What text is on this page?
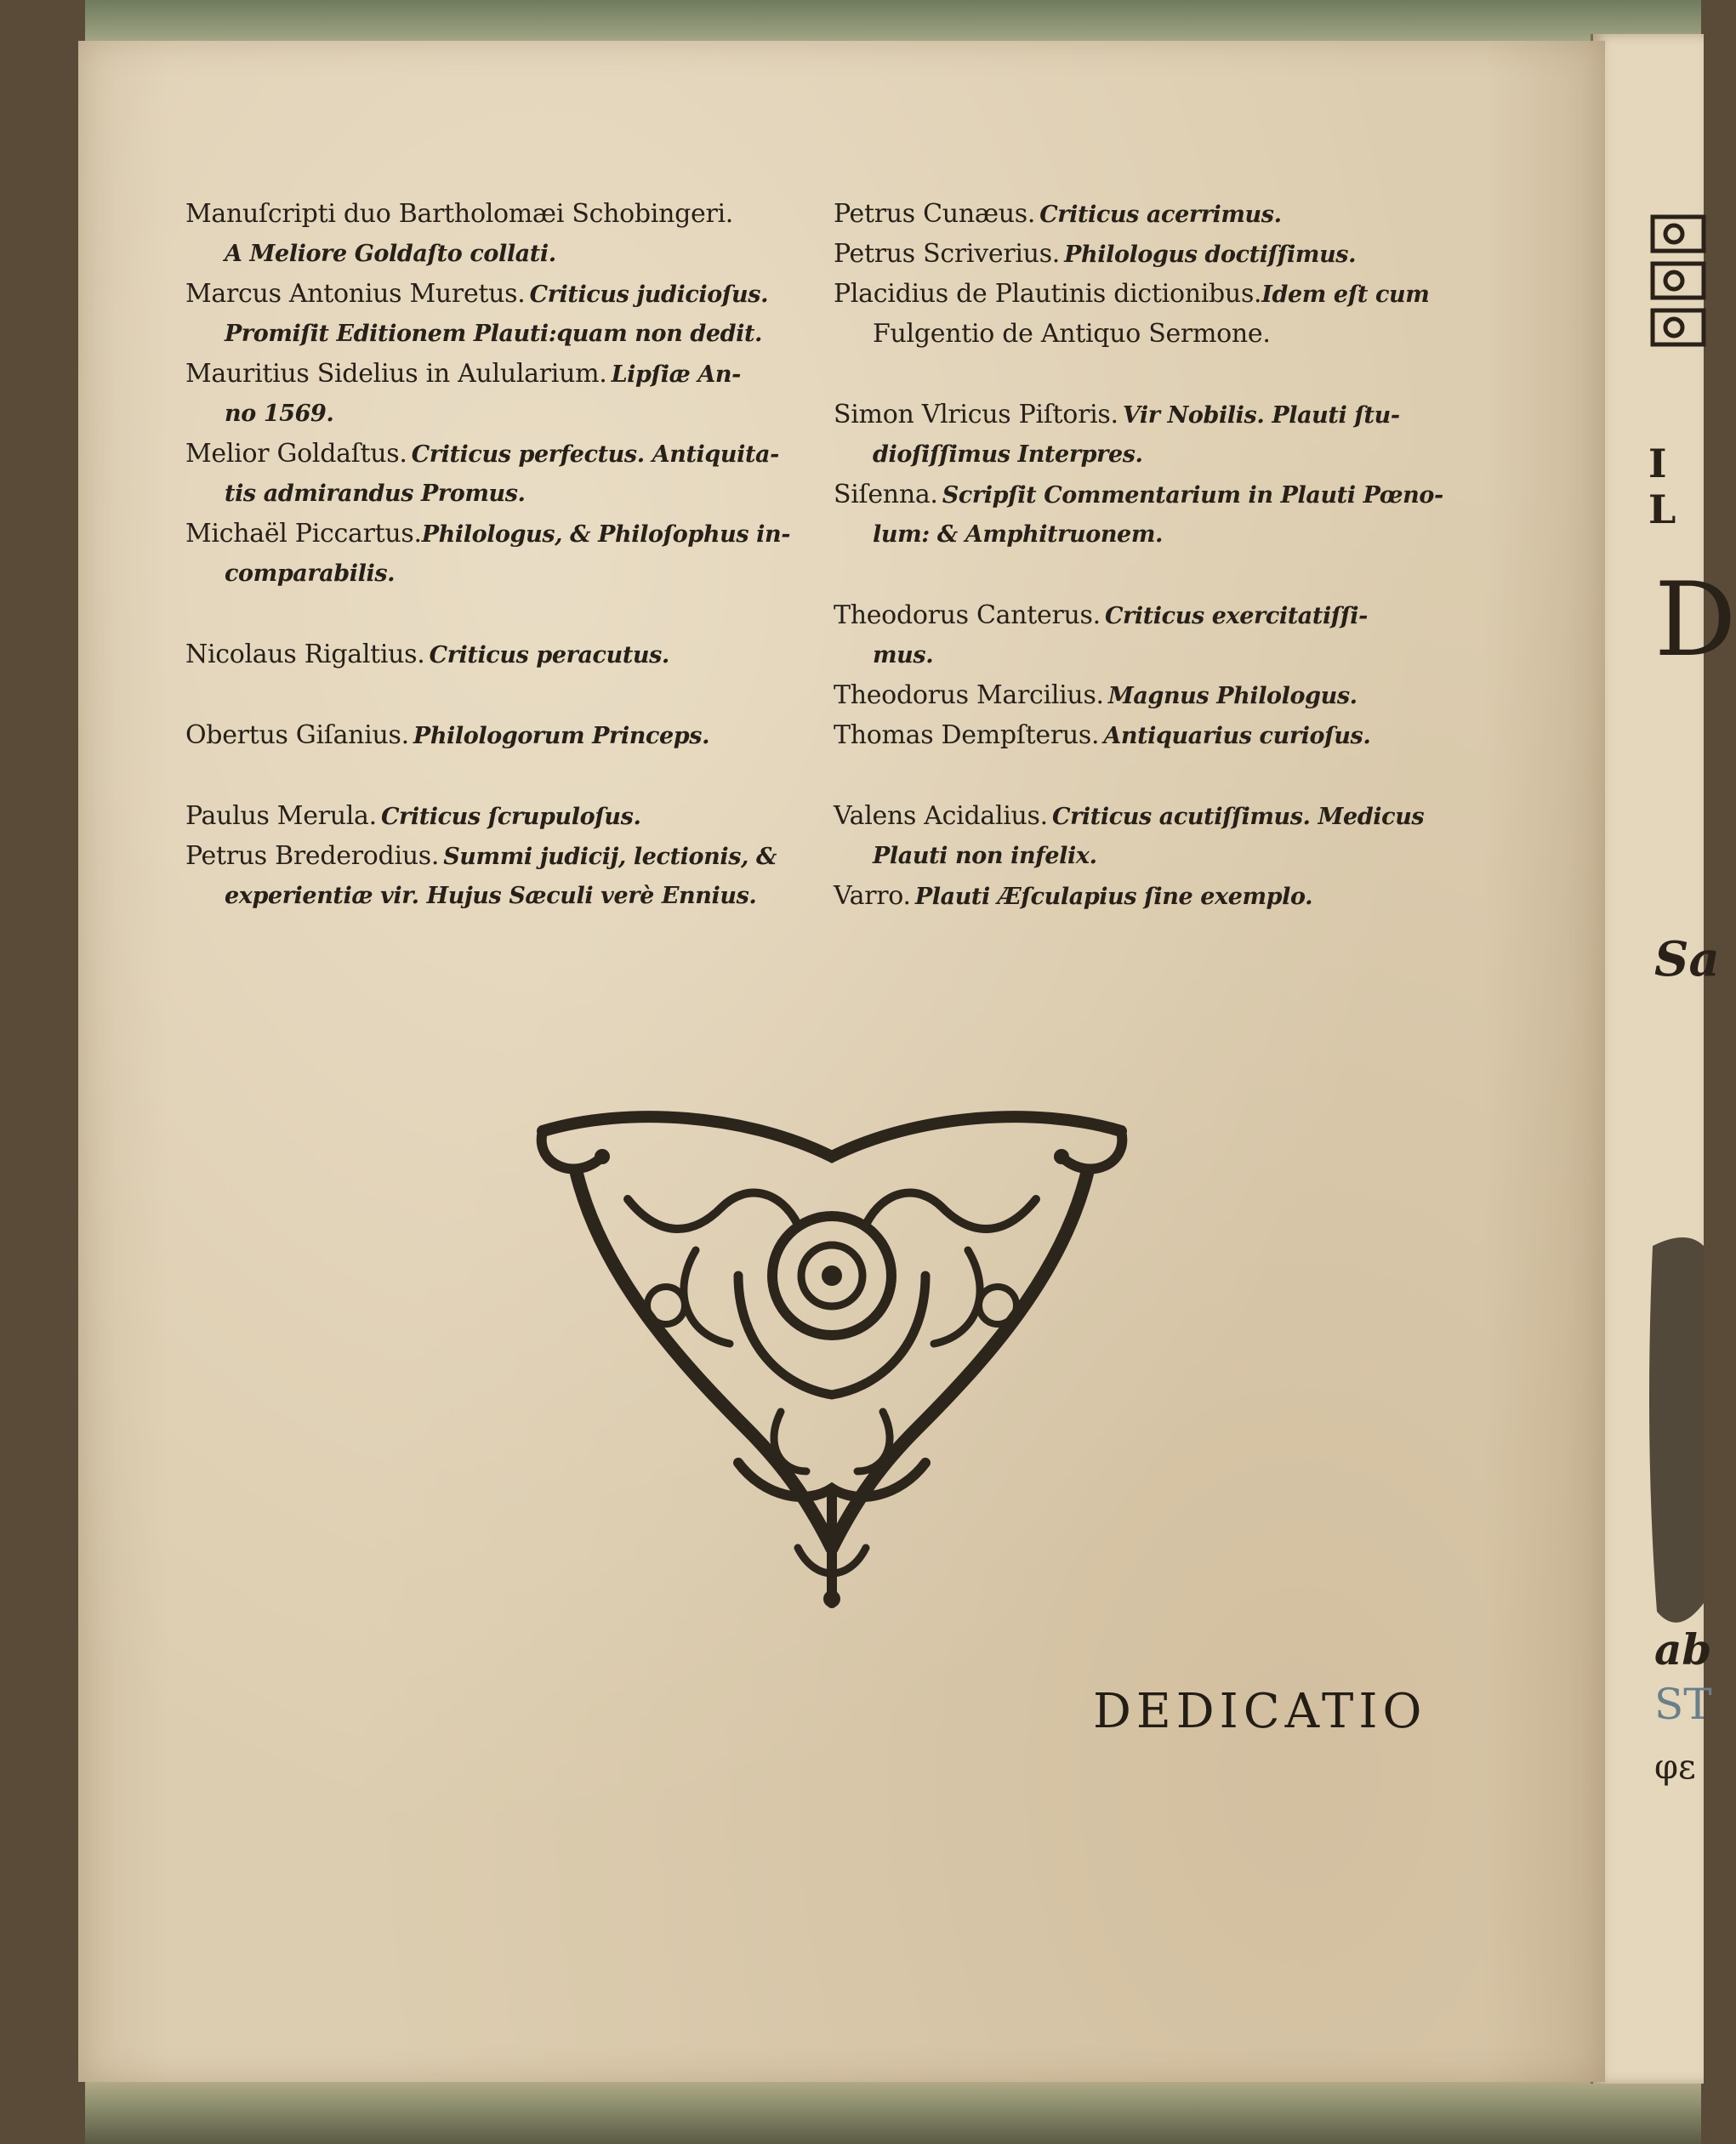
I L
D
Sa
ab
ST
φε
Manuſcripti duo Bartholomæi Schobingeri.
A Meliore Goldaſto collati.
Marcus Antonius Muretus. Criticus judicioſus.
Promiſit Editionem Plauti:quam non dedit.
Mauritius Sidelius in Aulularium. Lipſiæ An-
no 1569.
Melior Goldaſtus. Criticus perfectus. Antiquita-
tis admirandus Promus.
Michaël Piccartus.Philologus, & Philoſophus in-
comparabilis.
Nicolaus Rigaltius. Criticus peracutus.
Obertus Giſanius. Philologorum Princeps.
Paulus Merula. Criticus ſcrupuloſus.
Petrus Brederodius. Summi judicij, lectionis, &
experientiæ vir. Hujus Sæculi verè Ennius.
Petrus Cunæus. Criticus acerrimus.
Petrus Scriverius. Philologus doctiſſimus.
Placidius de Plautinis dictionibus.Idem eſt cum
Fulgentio de Antiquo Sermone.
Simon Vlricus Piſtoris. Vir Nobilis. Plauti ſtu-
dioſiſſimus Interpres.
Siſenna. Scripſit Commentarium in Plauti Pœno-
lum: & Amphitruonem.
Theodorus Canterus. Criticus exercitatiſſi-
mus.
Theodorus Marcilius. Magnus Philologus.
Thomas Dempſterus. Antiquarius curioſus.
Valens Acidalius. Criticus acutiſſimus. Medicus
Plauti non infelix.
Varro. Plauti Æſculapius ſine exemplo.
DEDICATIO
